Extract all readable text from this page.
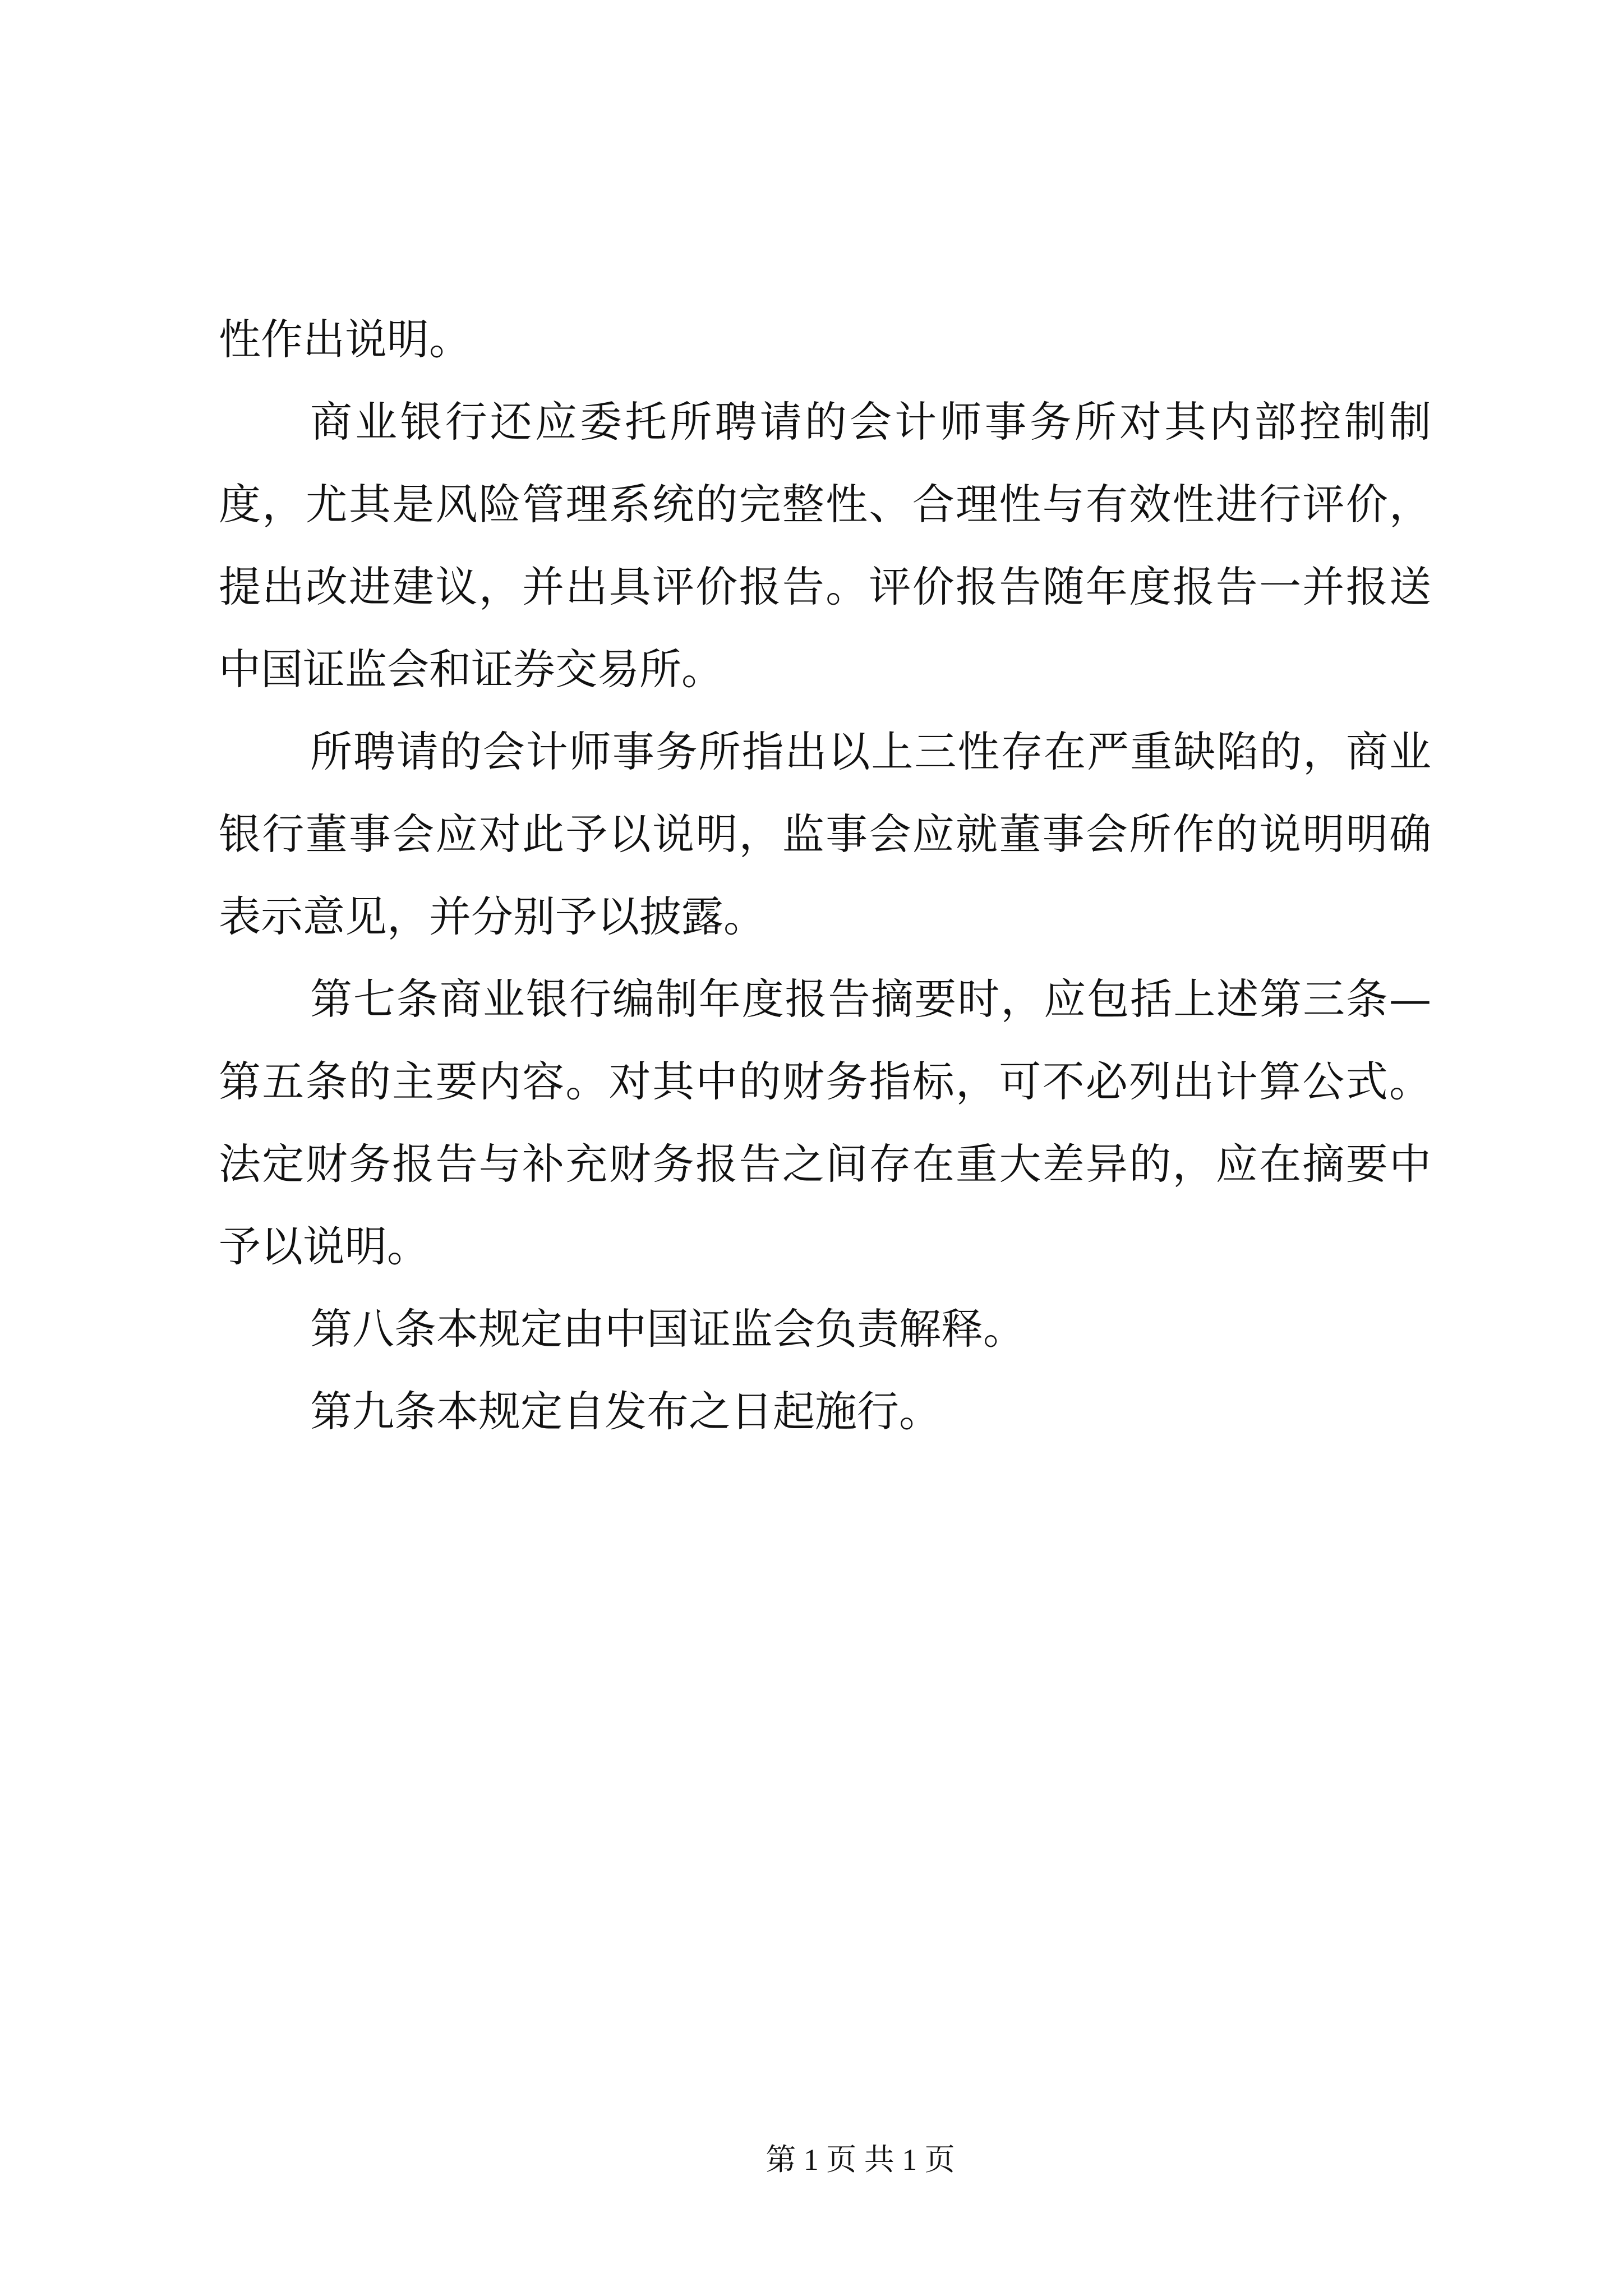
性作出说明。
商业银行还应委托所聘请的会计师事务所对其内部控制制
度，尤其是风险管理系统的完整性、合理性与有效性进行评价，
提出改进建议，并出具评价报告。评价报告随年度报告一并报送
中国证监会和证券交易所。
所聘请的会计师事务所指出以上三性存在严重缺陷的，商业
银行董事会应对此予以说明，监事会应就董事会所作的说明明确
表示意见，并分别予以披露。
第七条商业银行编制年度报告摘要时，应包括上述第三条—
第五条的主要内容。对其中的财务指标，可不必列出计算公式。
法定财务报告与补充财务报告之间存在重大差异的，应在摘要中
予以说明。
第八条本规定由中国证监会负责解释。
第九条本规定自发布之日起施行。
第 1 页 共 1 页
